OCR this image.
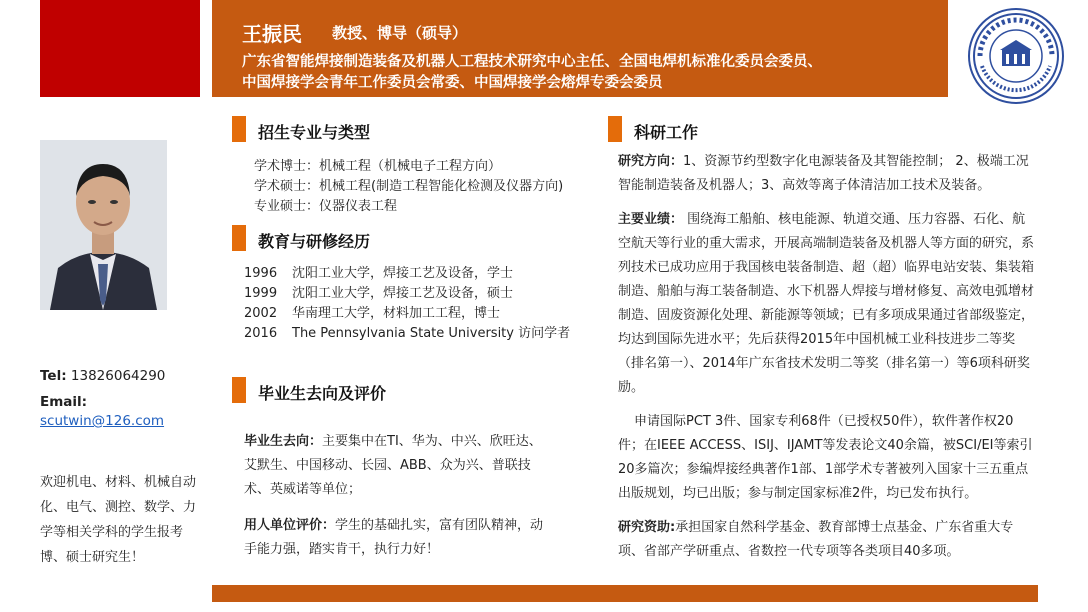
王振民 教授、博导（硕导）
广东省智能焊接制造装备及机器人工程技术研究中心主任、全国电焊机标准化委员会委员、
中国焊接学会青年工作委员会常委、中国焊接学会熔焊专委会委员
Tel: 13826064290
Email:
scutwin@126.com
欢迎机电、材料、机械自动化、电气、测控、数学、力学等相关学科的学生报考博、硕士研究生！
招生专业与类型
学术博士：机械工程（机械电子工程方向）
学术硕士：机械工程(制造工程智能化检测及仪器方向)
专业硕士：仪器仪表工程
教育与研修经历
1996 沈阳工业大学，焊接工艺及设备，学士
1999 沈阳工业大学，焊接工艺及设备，硕士
2002 华南理工大学，材料加工工程，博士
2016 The Pennsylvania State University 访问学者
毕业生去向及评价
毕业生去向：主要集中在TI、华为、中兴、欣旺达、艾默生、中国移动、长园、ABB、众为兴、普联技术、英威诺等单位；
用人单位评价：学生的基础扎实，富有团队精神，动手能力强，踏实肯干，执行力好！
科研工作
研究方向：1、资源节约型数字化电源装备及其智能控制； 2、极端工况智能制造装备及机器人；3、高效等离子体清洁加工技术及装备。
主要业绩： 围绕海工船舶、核电能源、轨道交通、压力容器、石化、航空航天等行业的重大需求，开展高端制造装备及机器人等方面的研究，系列技术已成功应用于我国核电装备制造、超（超）临界电站安装、集装箱制造、船舶与海工装备制造、水下机器人焊接与增材修复、高效电弧增材制造、固废资源化处理、新能源等领域；已有多项成果通过省部级鉴定，均达到国际先进水平；先后获得2015年中国机械工业科技进步二等奖（排名第一）、2014年广东省技术发明二等奖（排名第一）等6项科研奖励。
申请国际PCT 3件、国家专利68件（已授权50件），软件著作权20件；在IEEE ACCESS、ISIJ、IJAMT等发表论文40余篇，被SCI/EI等索引20多篇次；参编焊接经典著作1部、1部学术专著被列入国家十三五重点出版规划，均已出版；参与制定国家标准2件，均已发布执行。
研究资助:承担国家自然科学基金、教育部博士点基金、广东省重大专项、省部产学研重点、省数控一代专项等各类项目40多项。
